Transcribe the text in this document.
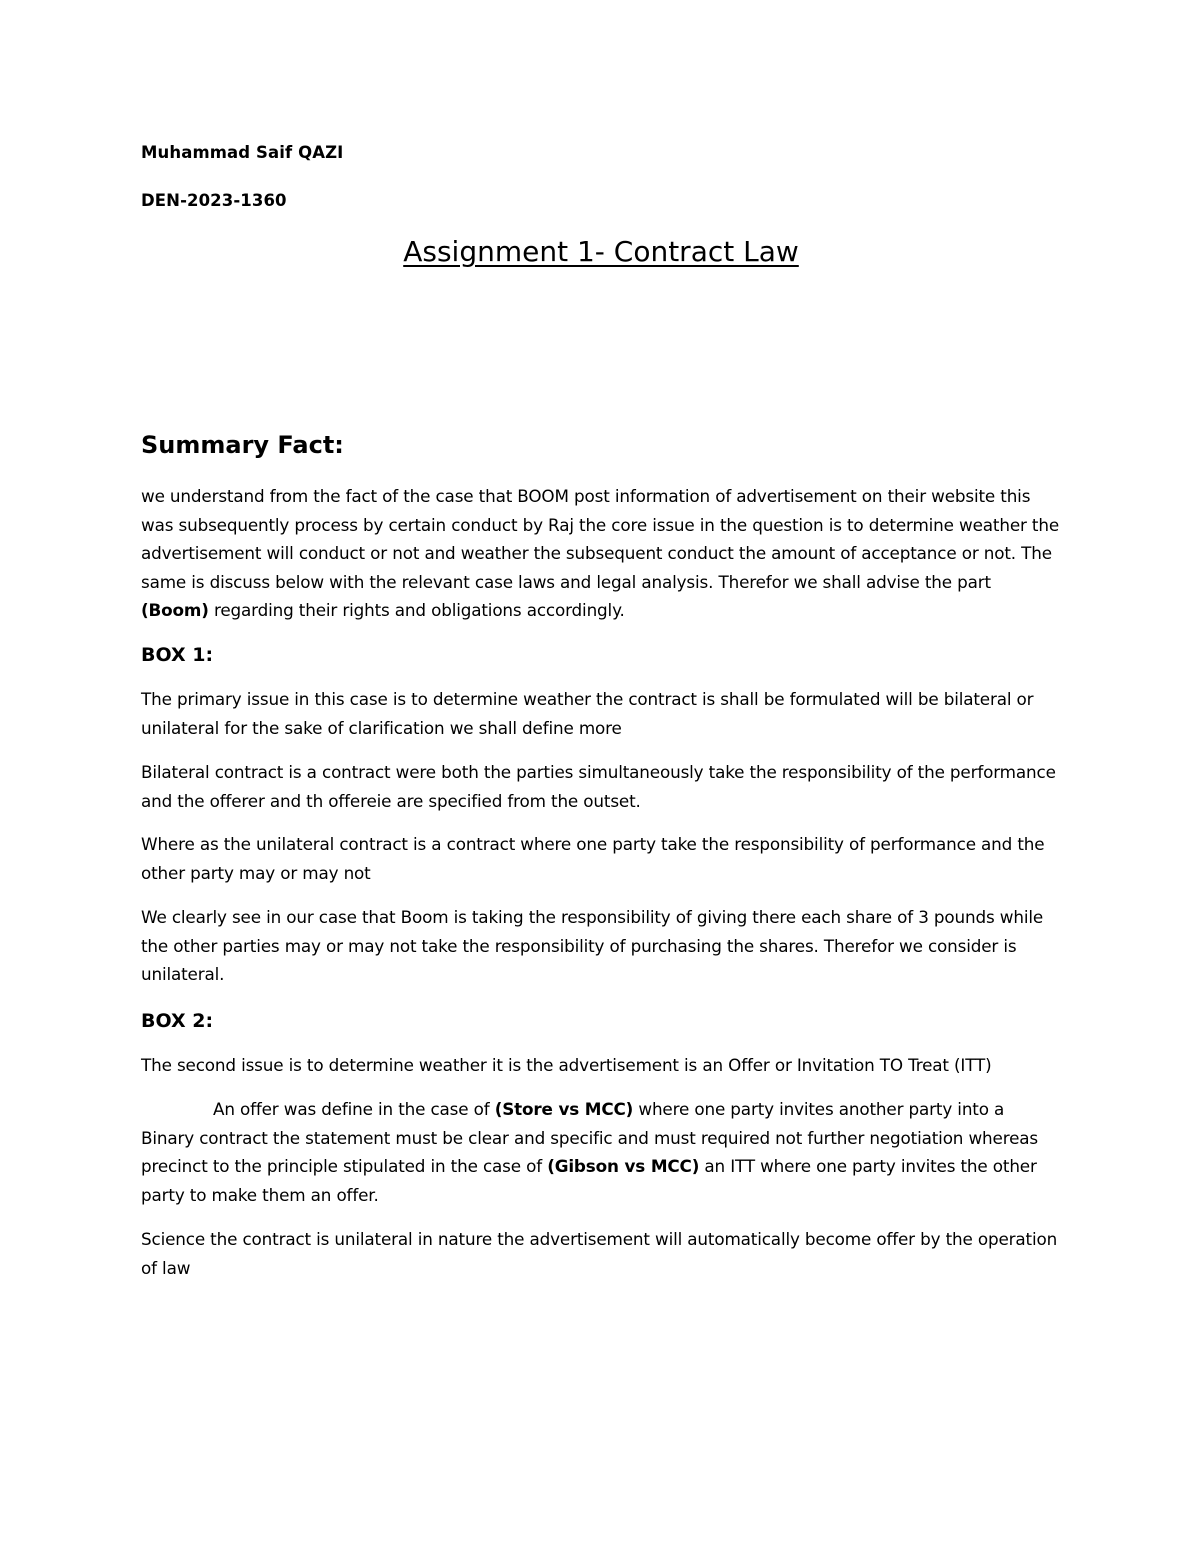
Muhammad Saif QAZI
DEN-2023-1360
Assignment 1- Contract Law
Summary Fact:

we understand from the fact of the case that BOOM post information of advertisement on their website this was subsequently process by certain conduct by Raj the core issue in the question is to determine weather the advertisement will conduct or not and weather the subsequent conduct the amount of acceptance or not. The same is discuss below with the relevant case laws and legal analysis. Therefor we shall advise the part (Boom) regarding their rights and obligations accordingly.

BOX 1:

The primary issue in this case is to determine weather the contract is shall be formulated will be bilateral or unilateral for the sake of clarification we shall define more

Bilateral contract is a contract were both the parties simultaneously take the responsibility of the performance and the offerer and th offereie are specified from the outset.

Where as the unilateral contract is a contract where one party take the responsibility of performance and the other party may or may not

We clearly see in our case that Boom is taking the responsibility of giving there each share of 3 pounds while the other parties may or may not take the responsibility of purchasing the shares. Therefor we consider is unilateral.

BOX 2:

The second issue is to determine weather it is the advertisement is an Offer or Invitation TO Treat (ITT)

An offer was define in the case of (Store vs MCC) where one party invites another party into a Binary contract the statement must be clear and specific and must required not further negotiation whereas precinct to the principle stipulated in the case of (Gibson vs MCC) an ITT where one party invites the other party to make them an offer.

Science the contract is unilateral in nature the advertisement will automatically become offer by the operation of law
